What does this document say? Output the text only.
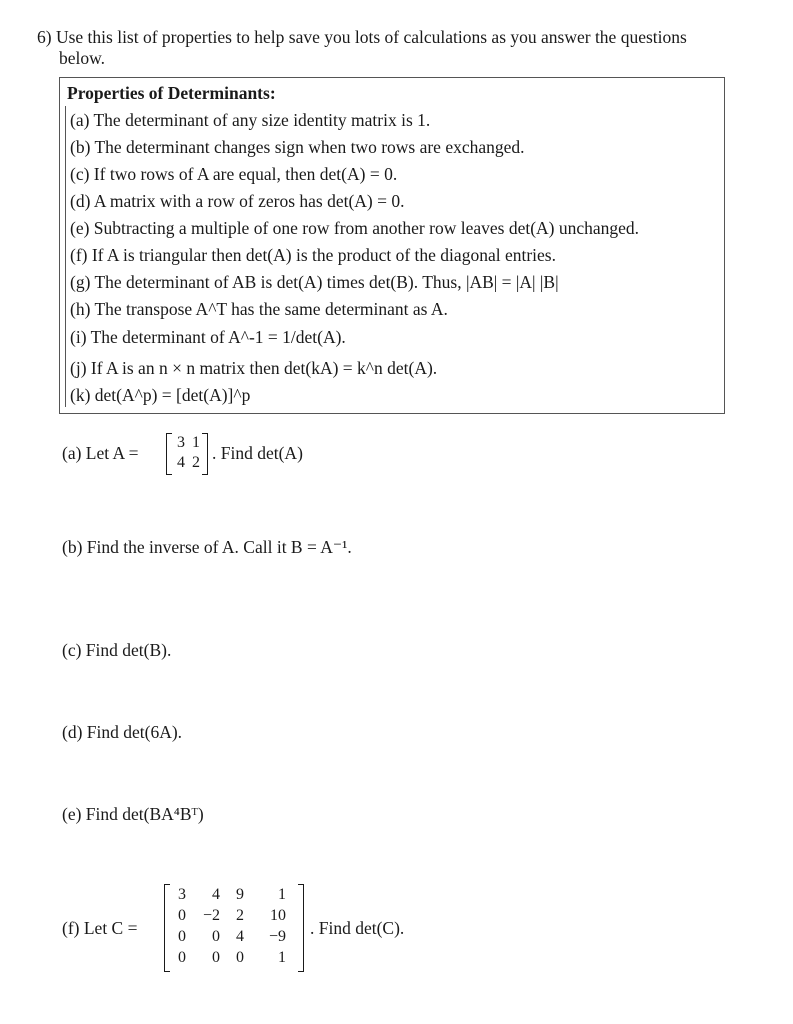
6) Use this list of properties to help save you lots of calculations as you answer the questions
below.
Properties of Determinants:
(a) The determinant of any size identity matrix is 1.
(b) The determinant changes sign when two rows are exchanged.
(c) If two rows of A are equal, then det(A) = 0.
(d) A matrix with a row of zeros has det(A) = 0.
(e) Subtracting a multiple of one row from another row leaves det(A) unchanged.
(f) If A is triangular then det(A) is the product of the diagonal entries.
(g) The determinant of AB is det(A) times det(B). Thus, |AB| = |A| |B|
(h) The transpose A^T has the same determinant as A.
(i) The determinant of A^-1 = 1/det(A).
(j) If A is an n × n matrix then det(kA) = k^n det(A).
(k) det(A^p) = [det(A)]^p
(a) Let A =
3 1
4 2 . Find det(A)
(b) Find the inverse of A. Call it B = A⁻¹.
(c) Find det(B).
(d) Find det(6A).
(e) Find det(BA⁴Bᵀ)
(f) Let C =
3	4	9	1
0	−2	2	10
0	0	4	−9
0	0	0	1
. Find det(C).
